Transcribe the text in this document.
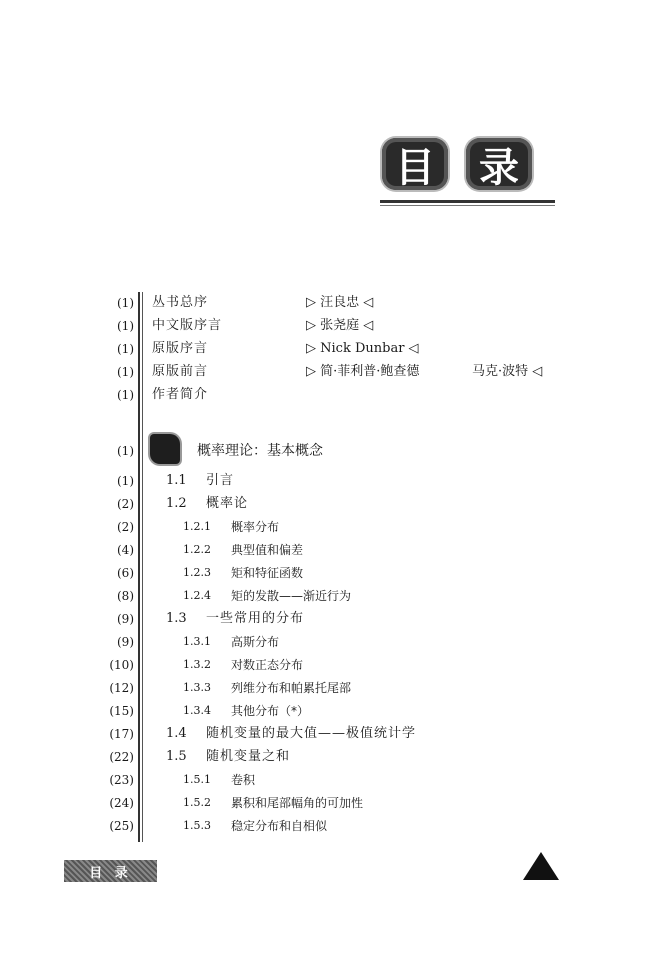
目	录
(1) 丛书总序	▷ 汪良忠 ◁
(1) 中文版序言	▷ 张尧庭 ◁
(1) 原版序言	▷ Nick Dunbar ◁
(1) 原版前言	▷ 简·菲利普·鲍查德	马克·波特 ◁
(1) 作者简介
(1)	概率理论：基本概念
(1) 1.1 引言
(2) 1.2 概率论
(2)	1.2.1 概率分布
(4)	1.2.2 典型值和偏差
(6)	1.2.3 矩和特征函数
(8)	1.2.4 矩的发散——渐近行为
(9) 1.3 一些常用的分布
(9)	1.3.1 高斯分布
(10)	1.3.2 对数正态分布
(12)	1.3.3 列维分布和帕累托尾部
(15)	1.3.4 其他分布（*）
(17) 1.4 随机变量的最大值——极值统计学
(22) 1.5 随机变量之和
(23)	1.5.1 卷积
(24)	1.5.2 累积和尾部幅角的可加性
(25)	1.5.3 稳定分布和自相似
目 录
